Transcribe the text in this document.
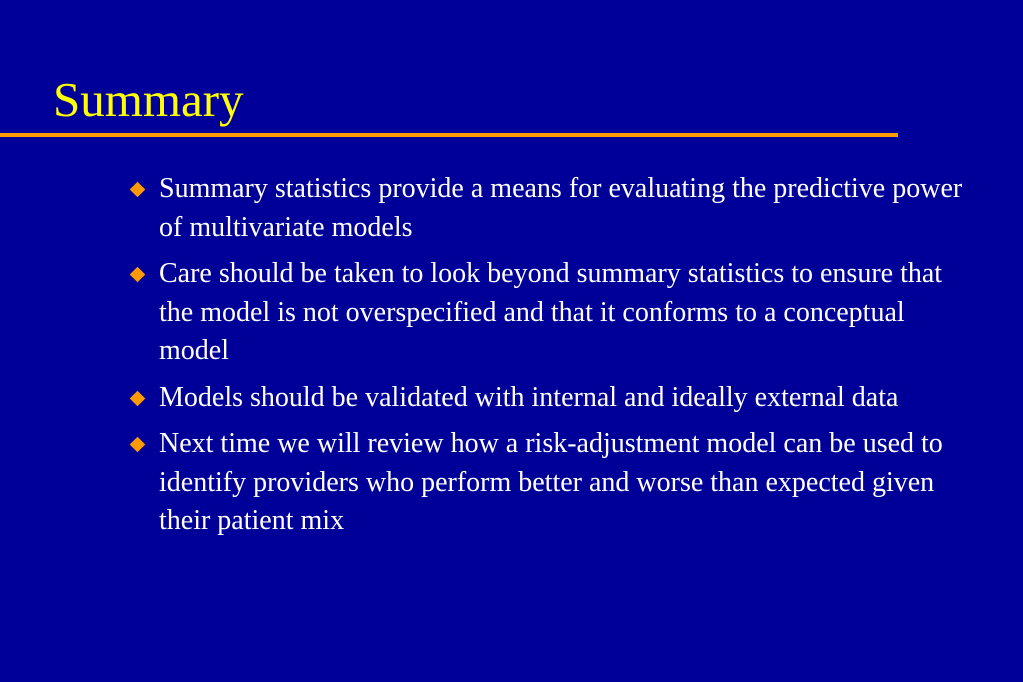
Summary
Summary statistics provide a means for evaluating the predictive power of multivariate models
Care should be taken to look beyond summary statistics to ensure that the model is not overspecified and that it conforms to a conceptual model
Models should be validated with internal and ideally external data
Next time we will review how a risk-adjustment model can be used to identify providers who perform better and worse than expected given their patient mix
